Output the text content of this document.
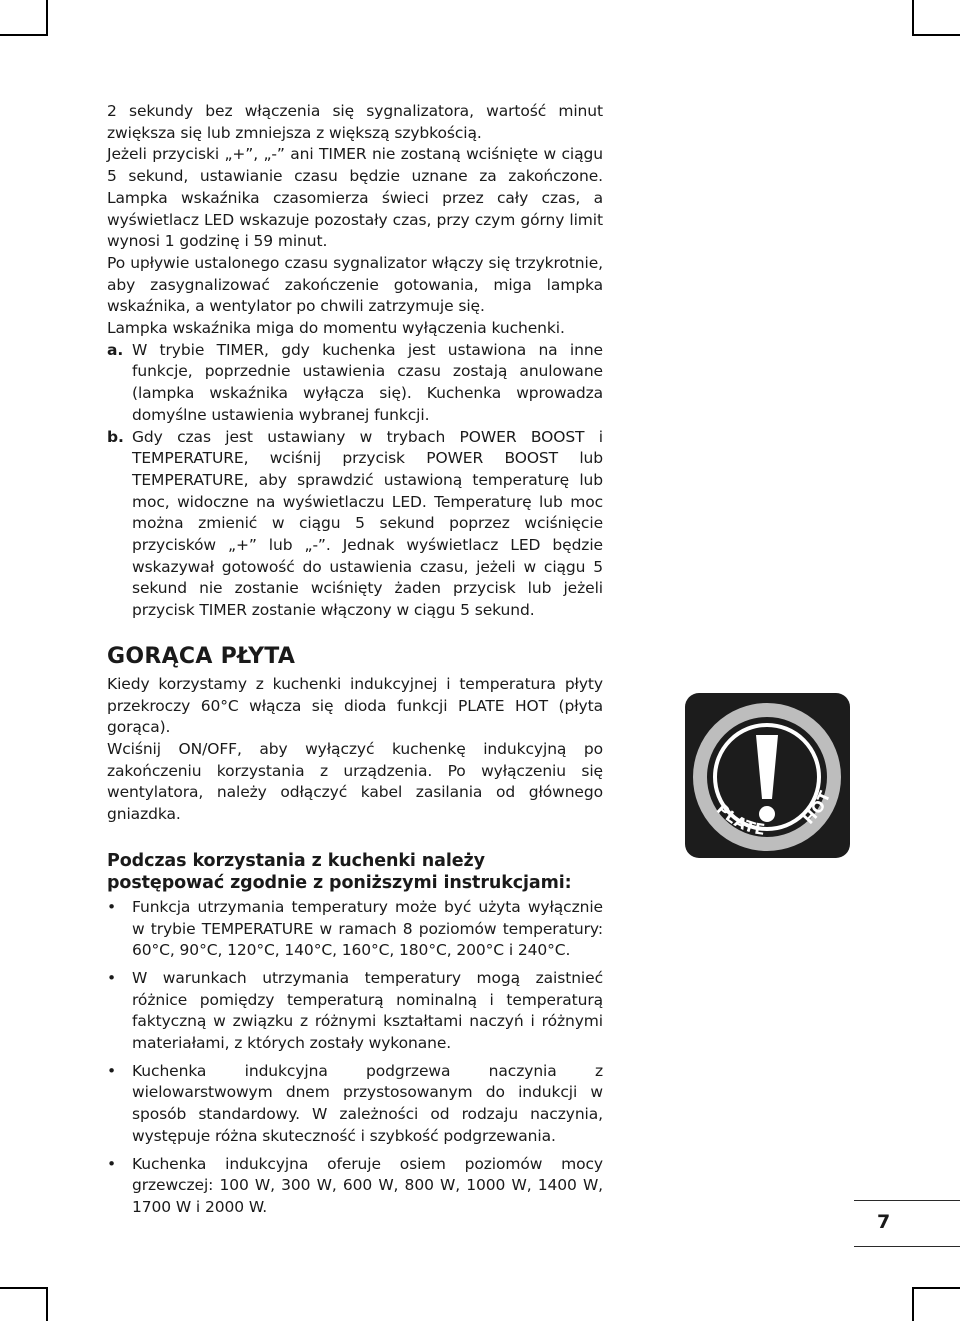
2 sekundy bez włączenia się sygnalizatora, wartość minut zwiększa się lub zmniejsza z większą szybkością.

Jeżeli przyciski „+”, „-” ani TIMER nie zostaną wciśnięte w ciągu 5 sekund, ustawianie czasu będzie uznane za zakończone. Lampka wskaźnika czasomierza świeci przez cały czas, a wyświetlacz LED wskazuje pozostały czas, przy czym górny limit wynosi 1 godzinę i 59 minut.

Po upływie ustalonego czasu sygnalizator włączy się trzykrotnie, aby zasygnalizować zakończenie gotowania, miga lampka wskaźnika, a wentylator po chwili zatrzymuje się.

Lampka wskaźnika miga do momentu wyłączenia kuchenki.

a. W trybie TIMER, gdy kuchenka jest ustawiona na inne funkcje, poprzednie ustawienia czasu zostają anulowane (lampka wskaźnika wyłącza się). Kuchenka wprowadza domyślne ustawienia wybranej funkcji.
b. Gdy czas jest ustawiany w trybach POWER BOOST i TEMPERATURE, wciśnij przycisk POWER BOOST lub TEMPERATURE, aby sprawdzić ustawioną temperaturę lub moc, widoczne na wyświetlaczu LED. Temperaturę lub moc można zmienić w ciągu 5 sekund poprzez wciśnięcie przycisków „+” lub „-”. Jednak wyświetlacz LED będzie wskazywał gotowość do ustawienia czasu, jeżeli w ciągu 5 sekund nie zostanie wciśnięty żaden przycisk lub jeżeli przycisk TIMER zostanie włączony w ciągu 5 sekund.
GORĄCA PŁYTA

Kiedy korzystamy z kuchenki indukcyjnej i temperatura płyty przekroczy 60°C włącza się dioda funkcji PLATE HOT (płyta gorąca).

Wciśnij ON/OFF, aby wyłączyć kuchenkę indukcyjną po zakończeniu korzystania z urządzenia. Po wyłączeniu się wentylatora, należy odłączyć kabel zasilania od głównego gniazdka.

Podczas korzystania z kuchenki należy postępować zgodnie z poniższymi instrukcjami:
•	Funkcja utrzymania temperatury może być użyta wyłącznie w trybie TEMPERATURE w ramach 8 poziomów temperatury: 60°C, 90°C, 120°C, 140°C, 160°C, 180°C, 200°C i 240°C.
•	W warunkach utrzymania temperatury mogą zaistnieć różnice pomiędzy temperaturą nominalną i temperaturą faktyczną w związku z różnymi kształtami naczyń i różnymi materiałami, z których zostały wykonane.
•	Kuchenka indukcyjna podgrzewa naczynia z wielowarstwowym dnem przystosowanym do indukcji w sposób standardowy. W zależności od rodzaju naczynia, występuje różna skuteczność i szybkość podgrzewania.
•	Kuchenka indukcyjna oferuje osiem poziomów mocy grzewczej: 100 W, 300 W, 600 W, 800 W, 1000 W, 1400 W, 1700 W i 2000 W.
PLATE
HOT
7
